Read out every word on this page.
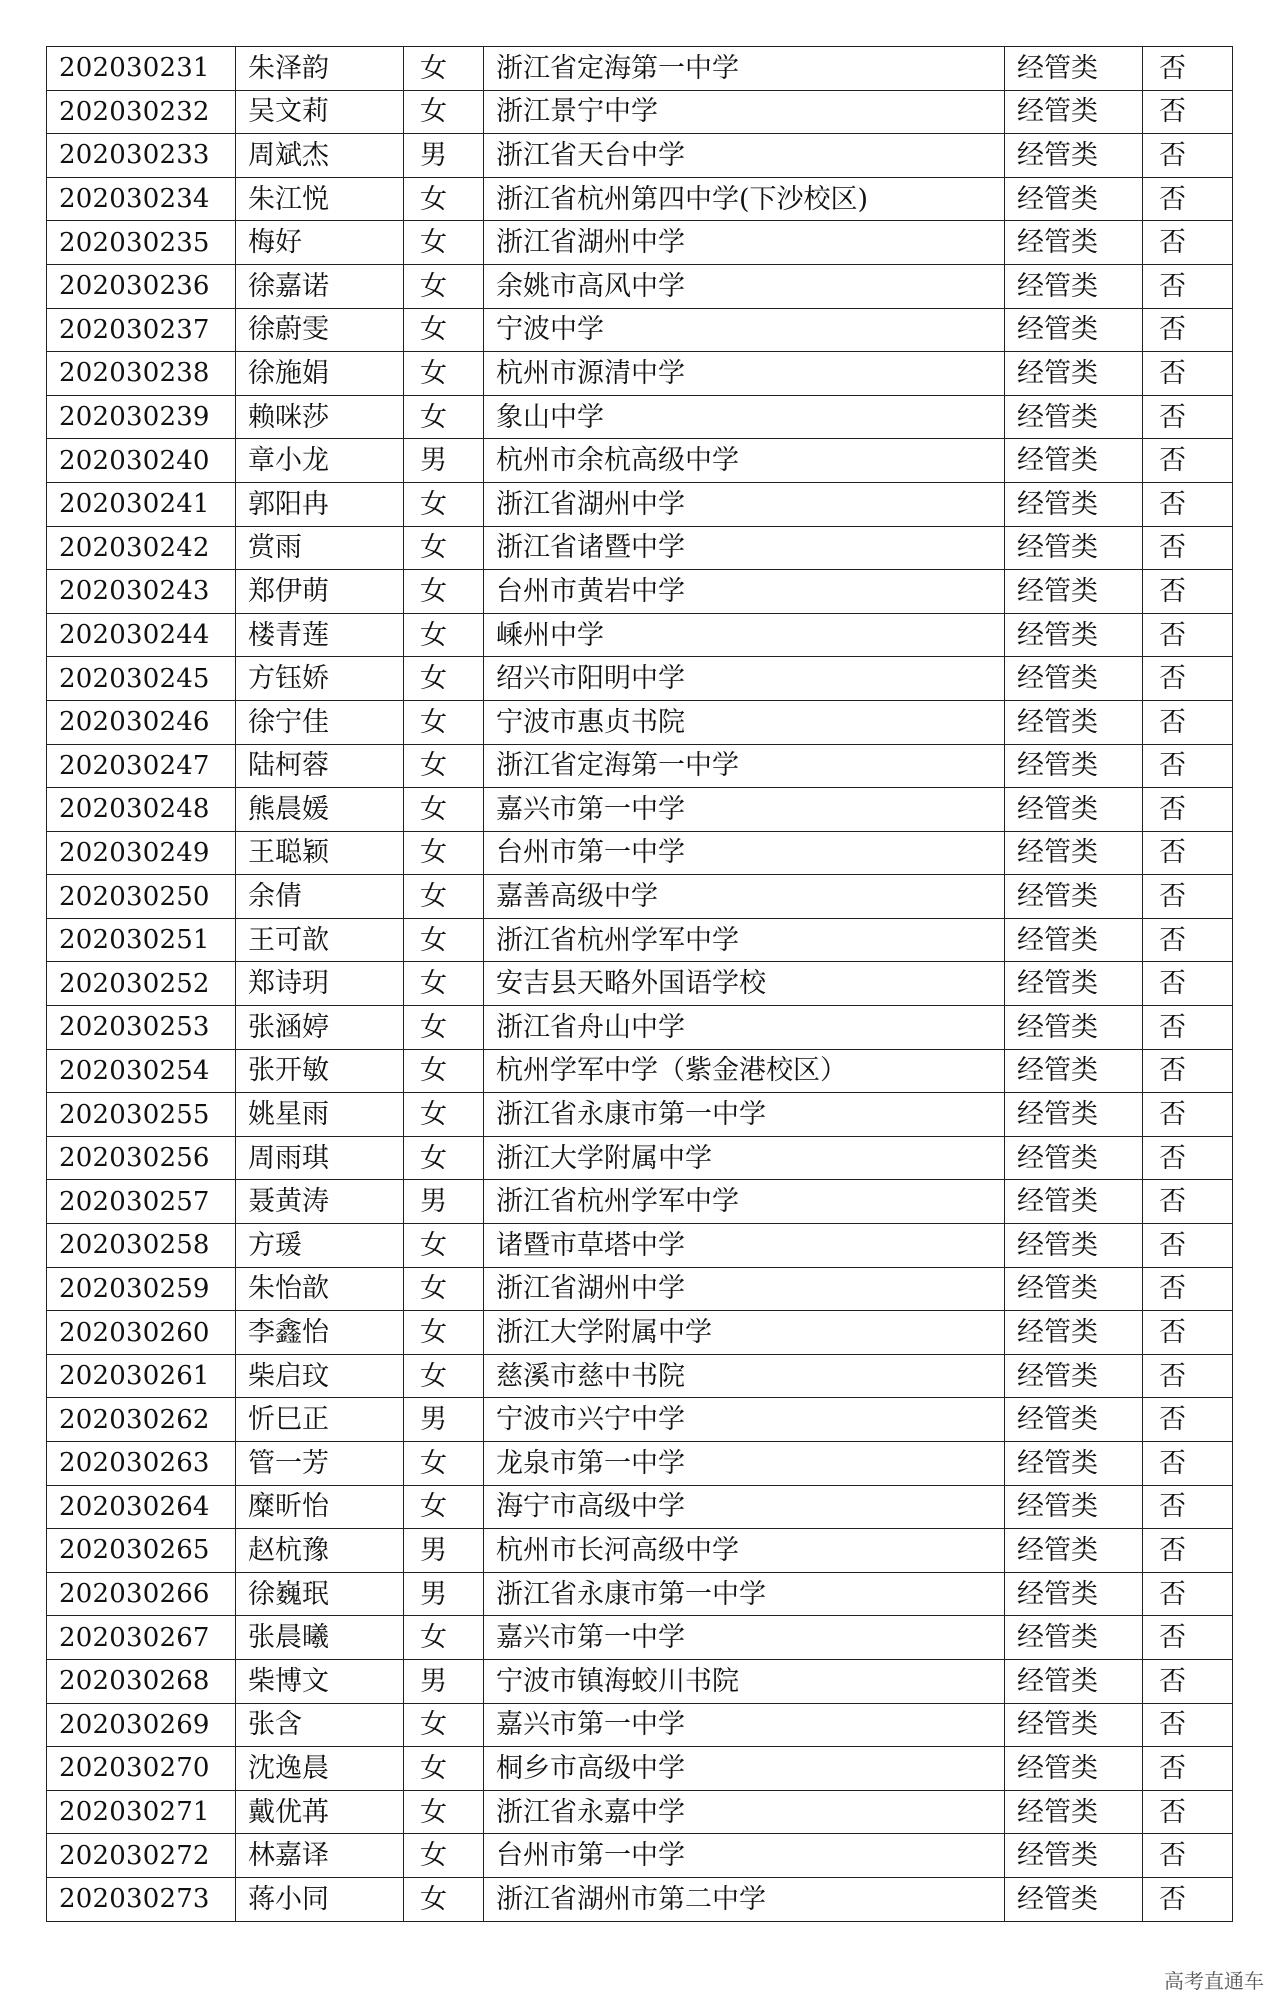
202030231	朱泽韵	女	浙江省定海第一中学	经管类	否
202030232	吴文莉	女	浙江景宁中学	经管类	否
202030233	周斌杰	男	浙江省天台中学	经管类	否
202030234	朱江悦	女	浙江省杭州第四中学(下沙校区)	经管类	否
202030235	梅好	女	浙江省湖州中学	经管类	否
202030236	徐嘉诺	女	余姚市高风中学	经管类	否
202030237	徐蔚雯	女	宁波中学	经管类	否
202030238	徐施娟	女	杭州市源清中学	经管类	否
202030239	赖咪莎	女	象山中学	经管类	否
202030240	章小龙	男	杭州市余杭高级中学	经管类	否
202030241	郭阳冉	女	浙江省湖州中学	经管类	否
202030242	赏雨	女	浙江省诸暨中学	经管类	否
202030243	郑伊萌	女	台州市黄岩中学	经管类	否
202030244	楼青莲	女	嵊州中学	经管类	否
202030245	方钰娇	女	绍兴市阳明中学	经管类	否
202030246	徐宁佳	女	宁波市惠贞书院	经管类	否
202030247	陆柯蓉	女	浙江省定海第一中学	经管类	否
202030248	熊晨媛	女	嘉兴市第一中学	经管类	否
202030249	王聪颖	女	台州市第一中学	经管类	否
202030250	余倩	女	嘉善高级中学	经管类	否
202030251	王可歆	女	浙江省杭州学军中学	经管类	否
202030252	郑诗玥	女	安吉县天略外国语学校	经管类	否
202030253	张涵婷	女	浙江省舟山中学	经管类	否
202030254	张开敏	女	杭州学军中学（紫金港校区）	经管类	否
202030255	姚星雨	女	浙江省永康市第一中学	经管类	否
202030256	周雨琪	女	浙江大学附属中学	经管类	否
202030257	聂黄涛	男	浙江省杭州学军中学	经管类	否
202030258	方瑗	女	诸暨市草塔中学	经管类	否
202030259	朱怡歆	女	浙江省湖州中学	经管类	否
202030260	李鑫怡	女	浙江大学附属中学	经管类	否
202030261	柴启玟	女	慈溪市慈中书院	经管类	否
202030262	忻巳正	男	宁波市兴宁中学	经管类	否
202030263	管一芳	女	龙泉市第一中学	经管类	否
202030264	糜昕怡	女	海宁市高级中学	经管类	否
202030265	赵杭豫	男	杭州市长河高级中学	经管类	否
202030266	徐巍珉	男	浙江省永康市第一中学	经管类	否
202030267	张晨曦	女	嘉兴市第一中学	经管类	否
202030268	柴博文	男	宁波市镇海蛟川书院	经管类	否
202030269	张含	女	嘉兴市第一中学	经管类	否
202030270	沈逸晨	女	桐乡市高级中学	经管类	否
202030271	戴优苒	女	浙江省永嘉中学	经管类	否
202030272	林嘉译	女	台州市第一中学	经管类	否
202030273	蒋小同	女	浙江省湖州市第二中学	经管类	否
高考直通车
